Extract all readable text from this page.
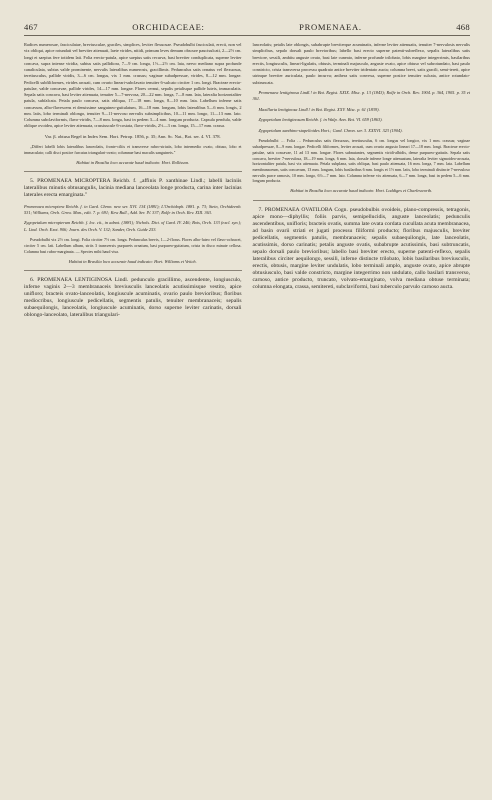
467	ORCHIDACEAE:	PROMENAEA.	468

Radices numerosae, fasciculatae, breviusculae, graciles, simplices, leviter flexuosae. Pseudobulbi fasciculati, erecti, non vel vix obliqui, apice rotundati vel breviter attenuati, laete virides, nitidi, primum leves demum obscure paucisulcati, 2—2½ cm. longi et saepius fere totidem lati. Folia erecto-patula, apice saepius satis recurva, basi breviter conduplicata, superne leviter concava, supra intense viridia, subtus satis pallidiora, 7—9 cm. longa, 1½—2½ cm. lata, nervo mediano supra profunde canaliculata, subtus valde prominente, nervulis lateralibus numerosis, gracillimis. Pedunculus satis ornatus vel flexuosus, teretiusculus, pallide viridis, 3—6 cm. longus, vix 1 mm. crassus; vaginae subadpressae, virides, 8—12 mm. longae. Pedicelli subfiliformes, virides arcuati, cum ovario lineari-subclavato tenuiter 6-sulcato circiter 1 cm. longi. Bracteae erecto-patulae, valde concavae, pallide virides, 14—17 mm. longae. Flores cernui, sepalis petalisque pallide luteis, immaculatis. Sepala satis concava, basi leviter attenuata, tenuiter 5—7-nervosa, 20—22 mm. longa, 7—8 mm. lata, lateralia horizontaliter patula, subfalcata. Petala paulo concava, satis obliqua, 17—18 mm. longa, 8—10 mm. lata. Labellum inferne satis concavum, albo-flavescens et densissime sanguineo-guttulatum, 16—18 mm. longum, lobis lateralibus 5—6 mm. longis, 2 mm. latis, lobo terminali oblongo, tenuiter 9—11-nervoso nervulis subsimplicibus, 10—11 mm. longo, 11—13 mm. lato. Columna subclaviformis, flavo-viridis, 7—8 mm. longa, basi in pedem 3—4 mm. longum producta. Capsula pendula, valde oblique ovoidea, apice leviter attenuata, crassiuscule 6-costata, flavo-viridis, 2½—3 cm. longa, 15—17 mm. crassa.

Var. β. obtusa Regel in Index Sem. Hort. Petrop. 1856, p. 35; Ann. Sc. Nat., Bot. ser. 4. VI. 378.

„Differt labelli lobis lateralibus lanceolatis, fronte-ciliis et transverse rubro-striatis, lobo intermedio ovato, obtuso, lobo et immaculato; calli disci postice furcatus triangulari-ovato; columnae basi maculis sanguineis."

Habitat in Brasilia loco accurate haud indicato: Hort. Rollisson.

5. PROMENAEA MICROPTERA Reichb. f. „affinis P. xanthinae Lindl.; labelli laciniis lateralibus minutis obtusangulis, lacinia mediana lanceolata longe producta, carina inter lacinias laterales erecta emarginata."

Promenaea microptera Reichb. f. in Gard. Chron. new ser. XVI. 134 (1881); L'Orchidoph. 1881. p. 73; Stein, Orchideenb. 531; Williams, Orch. Grow. Man., edit. 7. p. 691; Kew Bull., Add. Ser. IV. 337; Rolfe in Orch. Rev. XIII. 363.

Zygopetalum micropterum Reichb. f. loc. cit., in adnot. (1881); Nichols. Dict. of Gard. IV. 246; Bois, Orch. 133 (excl. syn.); L. Lind. Orch. Exot. 906; Journ. des Orch. V. 132; Sander, Orch. Guide 253.

Pseudobulbi vix 2½ cm. longi. Folia circiter 7½ cm. longa. Pedunculus brevis, 1—2-florus. Flores albo-luteo vel flavo-ochracei, circiter 5 cm. lati. Labellum album, striis 3 transversis purpureis ornatum, basi purpureo-guttatum, crista in disco minute cellosa. Columna basi rubro-marginata. — Species mihi haud visa.

Habitat in Brasilia loco accurate haud indicato: Hort. Williams et Veitch.

6. PROMENAEA LENTIGINOSA Lindl. pedunculo gracillimo, ascendente, longiusculo, inferne vaginis 2—3 membranaceis breviusculis lanceolatis acutissimisque vestito, apice unifloro; bracteis ovato-lanceolatis, longiuscule acuminatis, ovario paulo brevioribus; floribus mediocribus, longiuscule pedicellatis, segmentis patulis, tenuiter membranaceis; sepalis subaequilongis, lanceolatis, longiuscule acuminatis, dorso superne leviter carinatis, dorsali oblongo-lanceolato, lateralibus triangulari-

lanceolatis; petalis late oblongis, subabrupte breviterque acuminatis, inferne leviter attenuatis, tenuiter 7-nervulosis nervulis simplicibus, sepalo dorsali paulo brevioribus; labello basi erecto superne patenti-subreflexo, sepalis lateralibus satis breviore, sessili, ambitu anguste ovato, basi late cuneato, inferne profunde trilobato, lobis margine integerrimis, basilaribus erectis, longiusculis, lineari-ligulatis, obtusis, terminali majusculo, anguste ovato, apice obtuso vel subrotundato, basi paulo constricto, crista transversa processu quadrato antice breviter tridentato aucta; columna brevi, satis gracili, semi-tereti, apice utrinque breviter auriculata, paulo incurva; anthera satis convexa, superne postice tenuiter sulcata, antice rotundato-subtruncata.

Promenaea lentiginosa Lindl.! in Bot. Regist. XXIX. Misc. p. 13 (1843); Rolfe in Orch. Rev. 1904. p. 364, 1905. p. 35 et 361.

Maxillaria lentiginosa Lindl.! in Bot. Regist. XXV. Misc. p. 61 (1839).

Zygopetalum lentiginosum Reichb. f. in Walp. Ann. Bot. VI. 659 (1863).

Zygopetalum xanthino-stapelioides Hort.; Gard. Chron. ser. 3. XXXVI. 323 (1904).

Pseudobulbi … Folia … Pedunculus satis flexuosus, teretiusculus, 6 cm. longus vel longior, vix 1 mm. crassus; vaginae subadpressae, 8—9 mm. longae. Pedicelli filiformes, leviter arcuati, cum ovario angusto lineari 17—18 mm. longi. Bracteae erecto-patulae, satis concavae, 11 ad 13 mm. longae. Flores subnutantes, segmentis viridi-albidis, dense purpureo-guttatis. Sepala satis concava, breviter 7-nervulosa, 18—19 mm. longa, 6 mm. lata, dorsale inferne longe attenuatum, lateralia leviter sigmoideo-arcuata, horizontaliter patula, basi vix attenuata. Petala subplana, satis obliqua, basi paulo attenuata, 16 mm. longa, 7 mm. lata. Labellum membranaceum, satis concavum, 13 mm. longum, lobis basilaribus 6 mm. longis et 1½ mm. latis, lobo terminali distincte 7-nervuloso nervulis parce ramosis, 10 mm. longo, 6½—7 mm. lato. Columna inferne vix attenuata, 6—7 mm. longa, basi in pedem 5—6 mm. longum producta.

Habitat in Brasilia loco accurate haud indicato: Hort. Loddiges et Charlesworth.

7. PROMENAEA OVATILOBA Cogn. pseudobulbis ovoideis, plano-compressis, tetragonis, apice mono—diphyllis; foliis parvis, semipellucidis, anguste lanceolatis; pedunculis ascendentibus, unifloris; bracteis ovatis, summa late ovata cordata cucullata acuta membranacea, ad basin ovarii striati et jugati processu filiformi producto; floribus majusculis, breviter pedicellatis, segmentis patulis, membranaceis; sepalis subaequilongis, late lanceolatis, acutissimis, dorso carinatis; petalis anguste ovatis, subabrupte acutissimis, basi subtruncatis, sepalo dorsali paulo brevioribus; labello basi breviter erecto, superne patenti-reflexo, sepalis lateralibus circiter aequilongo, sessili, inferne distincte trilobato, lobis basilaribus breviusculis, erectis, obtusis, margine leviter undulatis, lobo terminali amplo, anguste ovato, apice abrupte obtusiusculo, basi valde constricto, margine integerrimo non undulato, callo basilari transverso, carnoso, antice producto, truncato, volvato-emarginato, volva mediana obtuse terminata; columna elongata, crassa, semitereti, subclaviformi, basi tuberculo parvulo carnoso aucta.
